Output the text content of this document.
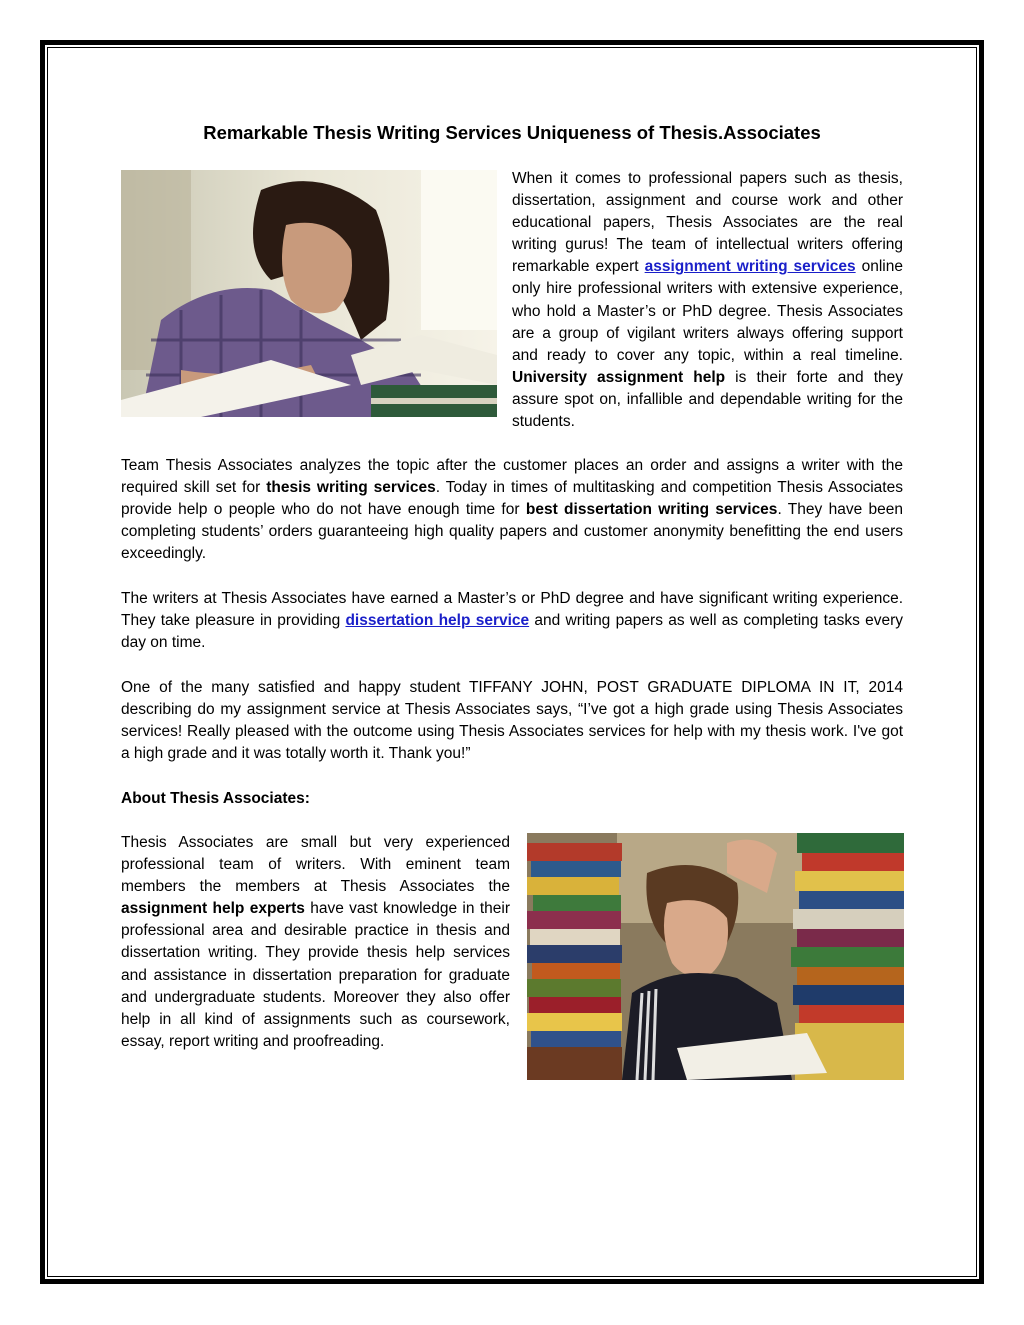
Remarkable Thesis Writing Services Uniqueness of Thesis.Associates

When it comes to professional papers such as thesis, dissertation, assignment and course work and other educational papers, Thesis Associates are the real writing gurus! The team of intellectual writers offering remarkable expert assignment writing services online only hire professional writers with extensive experience, who hold a Master’s or PhD degree. Thesis Associates are a group of vigilant writers always offering support and ready to cover any topic, within a real timeline. University assignment help is their forte and they assure spot on, infallible and dependable writing for the students.

Team Thesis Associates analyzes the topic after the customer places an order and assigns a writer with the required skill set for thesis writing services. Today in times of multitasking and competition Thesis Associates provide help o people who do not have enough time for best dissertation writing services. They have been completing students’ orders guaranteeing high quality papers and customer anonymity benefitting the end users exceedingly.

The writers at Thesis Associates have earned a Master’s or PhD degree and have significant writing experience. They take pleasure in providing dissertation help service and writing papers as well as completing tasks every day on time.

One of the many satisfied and happy student TIFFANY JOHN, POST GRADUATE DIPLOMA IN IT, 2014 describing do my assignment service at Thesis Associates says, “I’ve got a high grade using Thesis Associates services! Really pleased with the outcome using Thesis Associates services for help with my thesis work. I've got a high grade and it was totally worth it. Thank you!”

About Thesis Associates:

Thesis Associates are small but very experienced professional team of writers. With eminent team members the members at Thesis Associates the assignment help experts have vast knowledge in their professional area and desirable practice in thesis and dissertation writing. They provide thesis help services and assistance in dissertation preparation for graduate and undergraduate students. Moreover they also offer help in all kind of assignments such as coursework, essay, report writing and proofreading.
